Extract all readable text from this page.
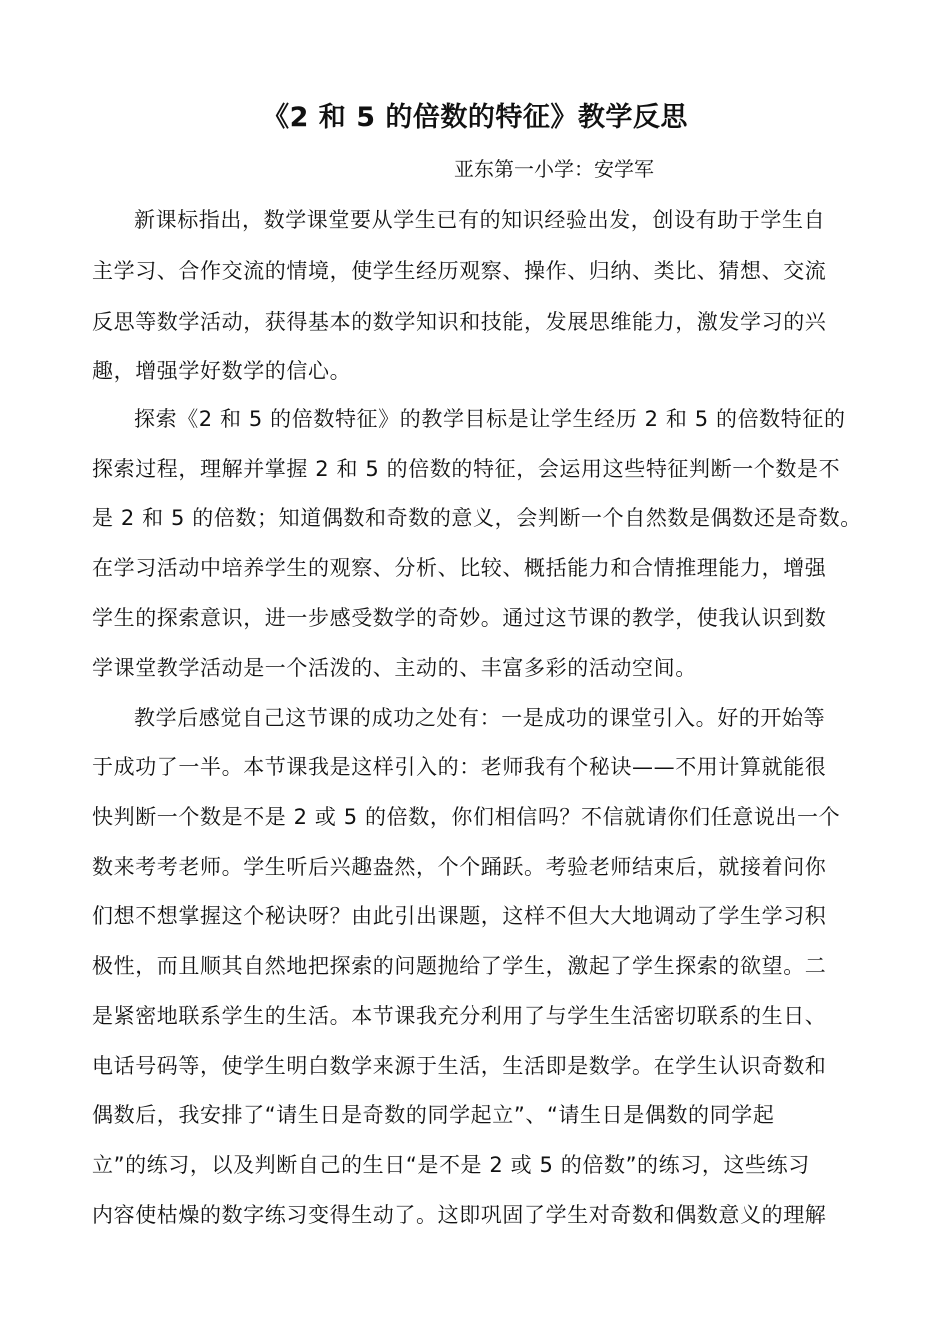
《2 和 5 的倍数的特征》教学反思
亚东第一小学：安学军
新课标指出，数学课堂要从学生已有的知识经验出发，创设有助于学生自
主学习、合作交流的情境，使学生经历观察、操作、归纳、类比、猜想、交流
反思等数学活动，获得基本的数学知识和技能，发展思维能力，激发学习的兴
趣，增强学好数学的信心。
探索《2 和 5 的倍数特征》的教学目标是让学生经历 2 和 5 的倍数特征的
探索过程，理解并掌握 2 和 5 的倍数的特征，会运用这些特征判断一个数是不
是 2 和 5 的倍数；知道偶数和奇数的意义，会判断一个自然数是偶数还是奇数。
在学习活动中培养学生的观察、分析、比较、概括能力和合情推理能力，增强
学生的探索意识，进一步感受数学的奇妙。通过这节课的教学，使我认识到数
学课堂教学活动是一个活泼的、主动的、丰富多彩的活动空间。
教学后感觉自己这节课的成功之处有：一是成功的课堂引入。好的开始等
于成功了一半。本节课我是这样引入的：老师我有个秘诀——不用计算就能很
快判断一个数是不是 2 或 5 的倍数，你们相信吗？不信就请你们任意说出一个
数来考考老师。学生听后兴趣盎然，个个踊跃。考验老师结束后，就接着问你
们想不想掌握这个秘诀呀？由此引出课题，这样不但大大地调动了学生学习积
极性，而且顺其自然地把探索的问题抛给了学生，激起了学生探索的欲望。二
是紧密地联系学生的生活。本节课我充分利用了与学生生活密切联系的生日、
电话号码等，使学生明白数学来源于生活，生活即是数学。在学生认识奇数和
偶数后，我安排了“请生日是奇数的同学起立”、“请生日是偶数的同学起
立”的练习，以及判断自己的生日“是不是 2 或 5 的倍数”的练习，这些练习
内容使枯燥的数字练习变得生动了。这即巩固了学生对奇数和偶数意义的理解
